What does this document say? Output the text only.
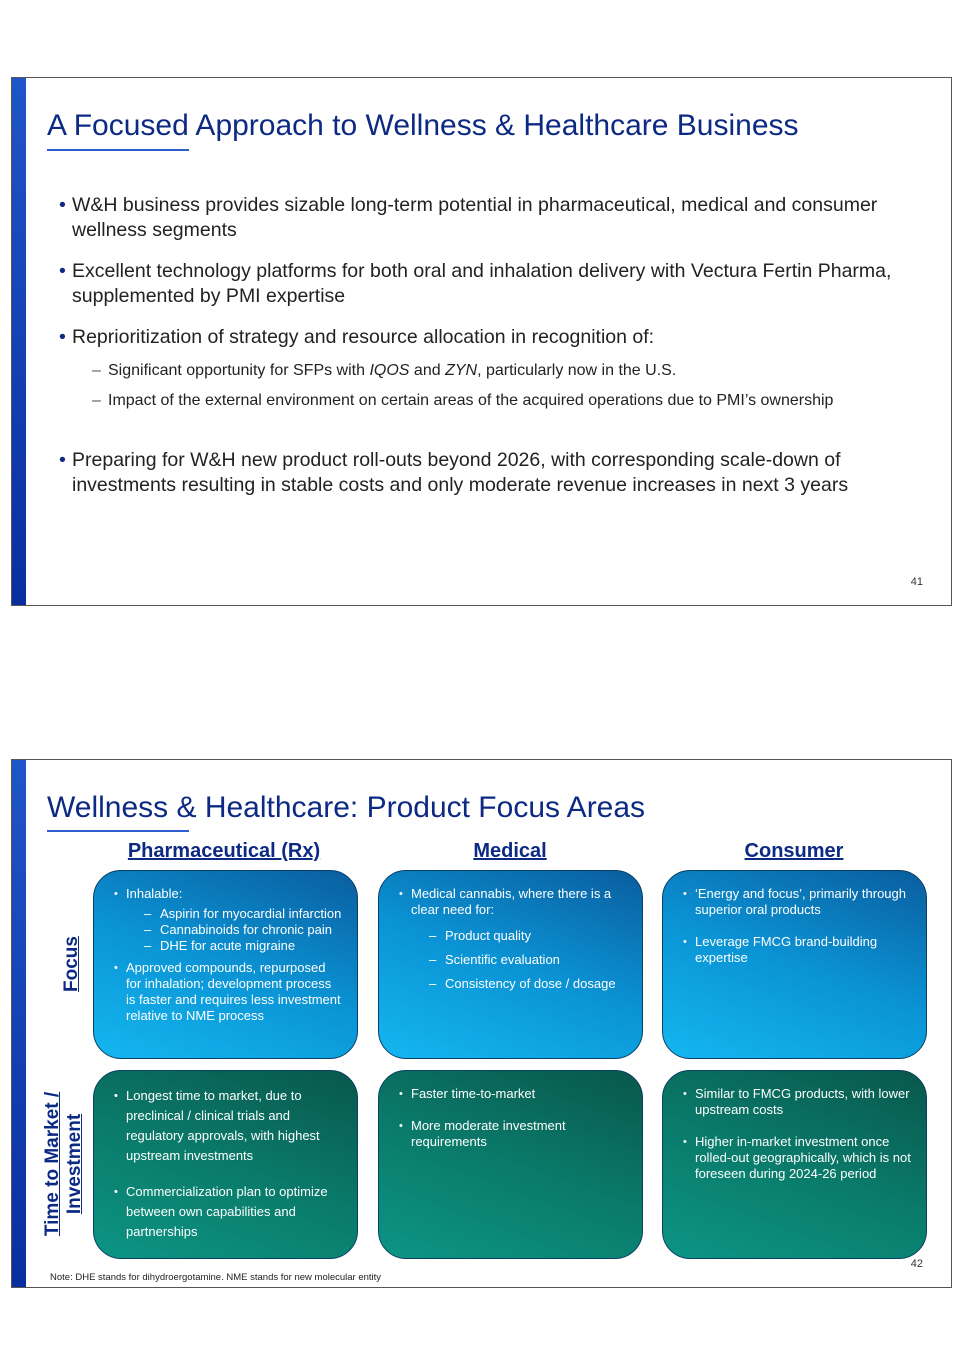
A Focused Approach to Wellness & Healthcare Business
• W&H business provides sizable long-term potential in pharmaceutical, medical and consumer wellness segments
• Excellent technology platforms for both oral and inhalation delivery with Vectura Fertin Pharma, supplemented by PMI expertise
• Reprioritization of strategy and resource allocation in recognition of:
– Significant opportunity for SFPs with IQOS and ZYN, particularly now in the U.S.
– Impact of the external environment on certain areas of the acquired operations due to PMI’s ownership
• Preparing for W&H new product roll-outs beyond 2026, with corresponding scale-down of investments resulting in stable costs and only moderate revenue increases in next 3 years
41
Wellness & Healthcare: Product Focus Areas
Pharmaceutical (Rx)	Medical	Consumer
Focus
Time to Market / Investment
• Inhalable:
– Aspirin for myocardial infarction
– Cannabinoids for chronic pain
– DHE for acute migraine
• Approved compounds, repurposed for inhalation; development process is faster and requires less investment relative to NME process
• Medical cannabis, where there is a clear need for:
– Product quality
– Scientific evaluation
– Consistency of dose / dosage
• ‘Energy and focus’, primarily through superior oral products
• Leverage FMCG brand-building expertise
• Longest time to market, due to preclinical / clinical trials and regulatory approvals, with highest upstream investments
• Commercialization plan to optimize between own capabilities and partnerships
• Faster time-to-market
• More moderate investment requirements
• Similar to FMCG products, with lower upstream costs
• Higher in-market investment once rolled-out geographically, which is not foreseen during 2024-26 period
Note: DHE stands for dihydroergotamine. NME stands for new molecular entity
42
